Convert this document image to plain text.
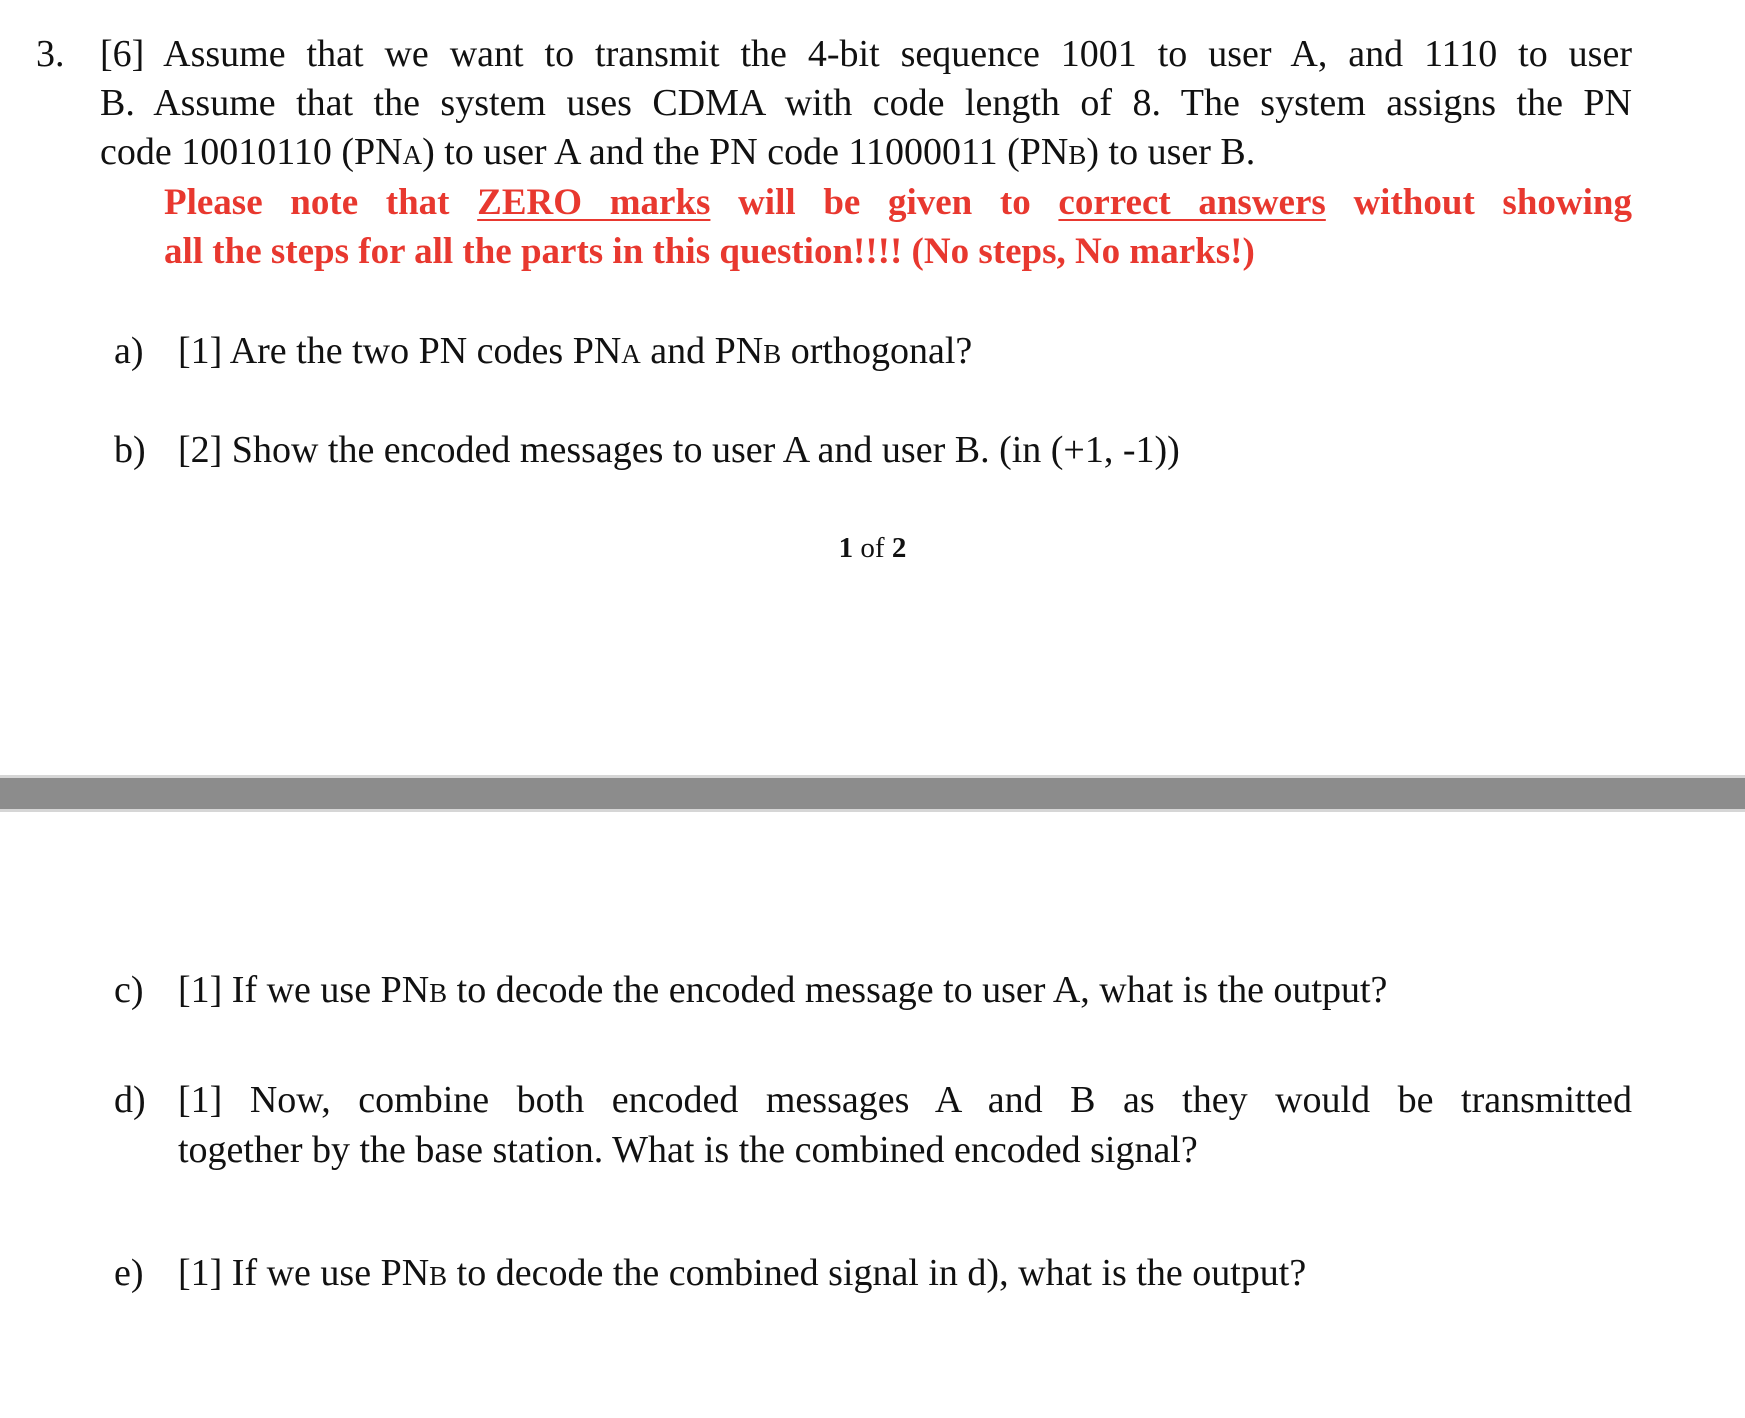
3. [6] Assume that we want to transmit the 4-bit sequence 1001 to user A, and 1110 to user
B. Assume that the system uses CDMA with code length of 8. The system assigns the PN
code 10010110 (PNA) to user A and the PN code 11000011 (PNB) to user B.
Please note that ZERO marks will be given to correct answers without showing
all the steps for all the parts in this question!!!! (No steps, No marks!)
a) [1] Are the two PN codes PNA and PNB orthogonal?
b) [2] Show the encoded messages to user A and user B. (in (+1, -1))
1 of 2
c) [1] If we use PNB to decode the encoded message to user A, what is the output?
d) [1] Now, combine both encoded messages A and B as they would be transmitted
together by the base station. What is the combined encoded signal?
e) [1] If we use PNB to decode the combined signal in d), what is the output?
